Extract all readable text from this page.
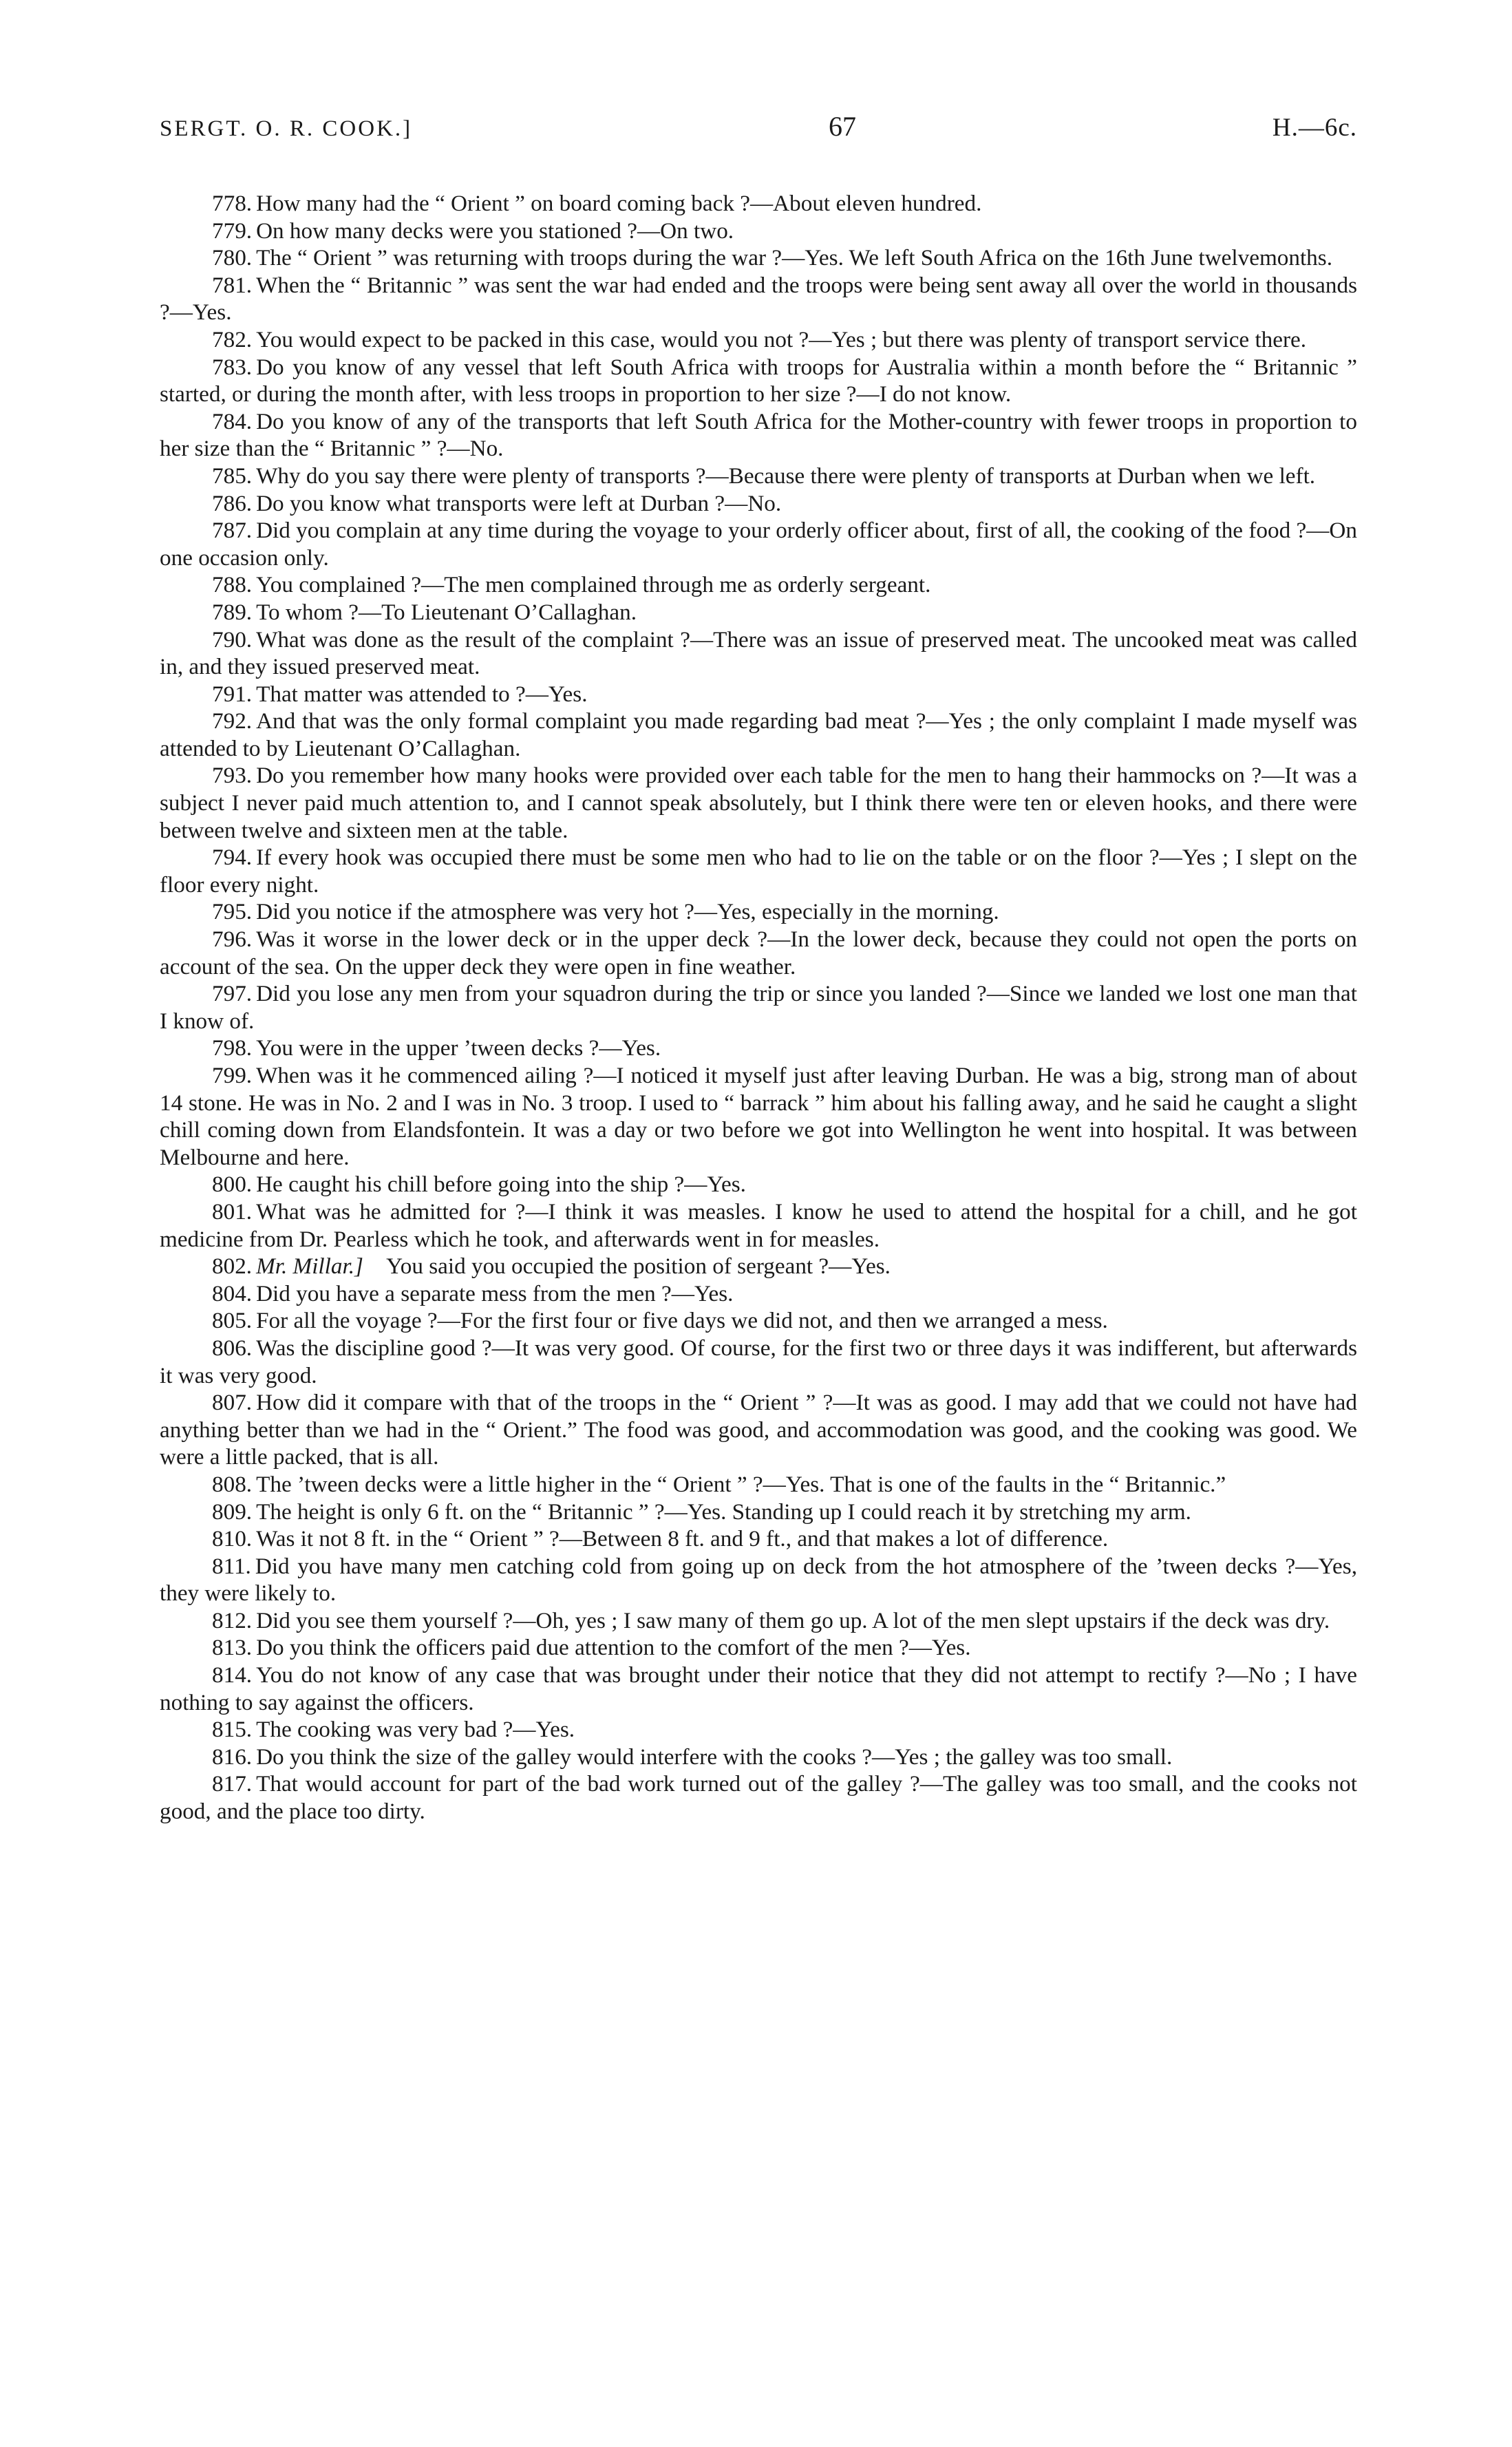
SERGT. O. R. COOK.]	67	H.—6c.

778. How many had the “ Orient ” on board coming back ?—About eleven hundred.

779. On how many decks were you stationed ?—On two.

780. The “ Orient ” was returning with troops during the war ?—Yes. We left South Africa on the 16th June twelvemonths.

781. When the “ Britannic ” was sent the war had ended and the troops were being sent away all over the world in thousands ?—Yes.

782. You would expect to be packed in this case, would you not ?—Yes ; but there was plenty of transport service there.

783. Do you know of any vessel that left South Africa with troops for Australia within a month before the “ Britannic ” started, or during the month after, with less troops in proportion to her size ?—I do not know.

784. Do you know of any of the transports that left South Africa for the Mother-country with fewer troops in proportion to her size than the “ Britannic ” ?—No.

785. Why do you say there were plenty of transports ?—Because there were plenty of transports at Durban when we left.

786. Do you know what transports were left at Durban ?—No.

787. Did you complain at any time during the voyage to your orderly officer about, first of all, the cooking of the food ?—On one occasion only.

788. You complained ?—The men complained through me as orderly sergeant.

789. To whom ?—To Lieutenant O’Callaghan.

790. What was done as the result of the complaint ?—There was an issue of preserved meat. The uncooked meat was called in, and they issued preserved meat.

791. That matter was attended to ?—Yes.

792. And that was the only formal complaint you made regarding bad meat ?—Yes ; the only complaint I made myself was attended to by Lieutenant O’Callaghan.

793. Do you remember how many hooks were provided over each table for the men to hang their hammocks on ?—It was a subject I never paid much attention to, and I cannot speak absolutely, but I think there were ten or eleven hooks, and there were between twelve and sixteen men at the table.

794. If every hook was occupied there must be some men who had to lie on the table or on the floor ?—Yes ; I slept on the floor every night.

795. Did you notice if the atmosphere was very hot ?—Yes, especially in the morning.

796. Was it worse in the lower deck or in the upper deck ?—In the lower deck, because they could not open the ports on account of the sea. On the upper deck they were open in fine weather.

797. Did you lose any men from your squadron during the trip or since you landed ?—Since we landed we lost one man that I know of.

798. You were in the upper ’tween decks ?—Yes.

799. When was it he commenced ailing ?—I noticed it myself just after leaving Durban. He was a big, strong man of about 14 stone. He was in No. 2 and I was in No. 3 troop. I used to “ barrack ” him about his falling away, and he said he caught a slight chill coming down from Elandsfontein. It was a day or two before we got into Wellington he went into hospital. It was between Melbourne and here.

800. He caught his chill before going into the ship ?—Yes.

801. What was he admitted for ?—I think it was measles. I know he used to attend the hospital for a chill, and he got medicine from Dr. Pearless which he took, and afterwards went in for measles.

802. Mr. Millar.]  You said you occupied the position of sergeant ?—Yes.

804. Did you have a separate mess from the men ?—Yes.

805. For all the voyage ?—For the first four or five days we did not, and then we arranged a mess.

806. Was the discipline good ?—It was very good. Of course, for the first two or three days it was indifferent, but afterwards it was very good.

807. How did it compare with that of the troops in the “ Orient ” ?—It was as good. I may add that we could not have had anything better than we had in the “ Orient.” The food was good, and accommodation was good, and the cooking was good. We were a little packed, that is all.

808. The ’tween decks were a little higher in the “ Orient ” ?—Yes. That is one of the faults in the “ Britannic.”

809. The height is only 6 ft. on the “ Britannic ” ?—Yes. Standing up I could reach it by stretching my arm.

810. Was it not 8 ft. in the “ Orient ” ?—Between 8 ft. and 9 ft., and that makes a lot of difference.

811. Did you have many men catching cold from going up on deck from the hot atmosphere of the ’tween decks ?—Yes, they were likely to.

812. Did you see them yourself ?—Oh, yes ; I saw many of them go up. A lot of the men slept upstairs if the deck was dry.

813. Do you think the officers paid due attention to the comfort of the men ?—Yes.

814. You do not know of any case that was brought under their notice that they did not attempt to rectify ?—No ; I have nothing to say against the officers.

815. The cooking was very bad ?—Yes.

816. Do you think the size of the galley would interfere with the cooks ?—Yes ; the galley was too small.

817. That would account for part of the bad work turned out of the galley ?—The galley was too small, and the cooks not good, and the place too dirty.
